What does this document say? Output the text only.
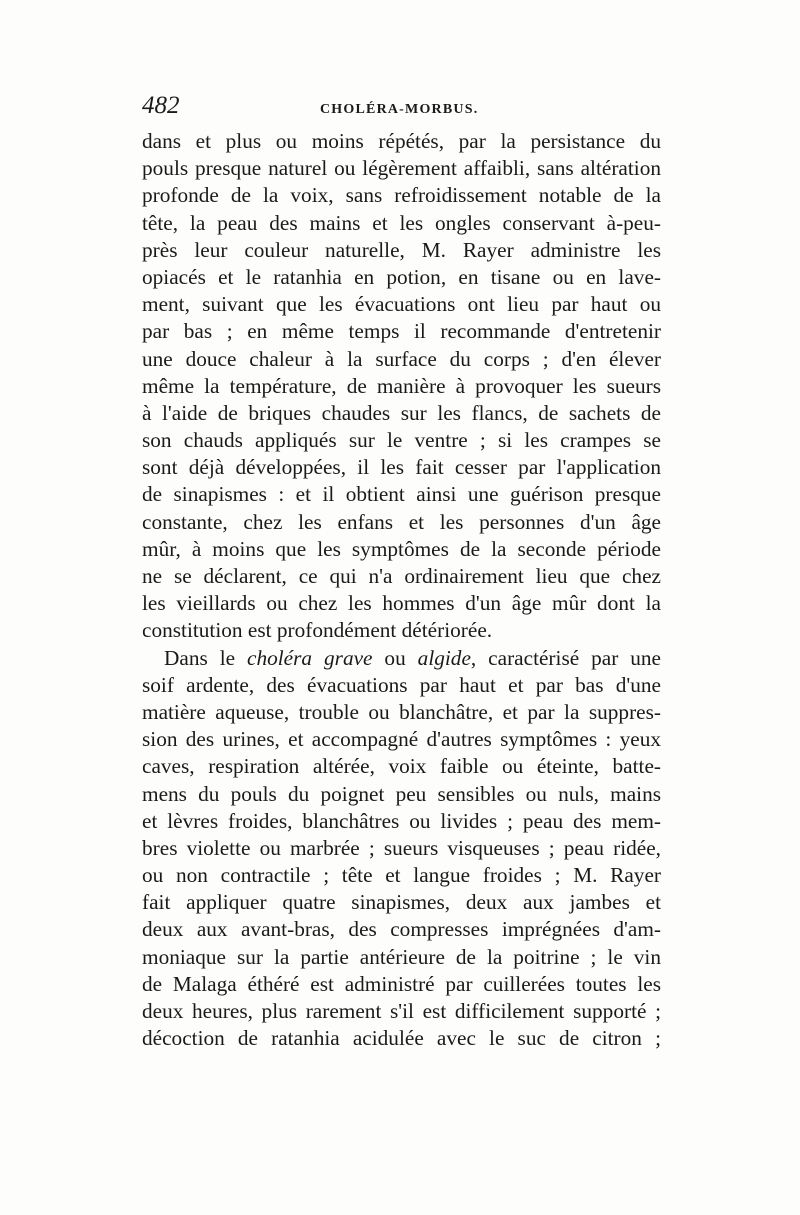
482	CHOLÉRA-MORBUS.
dans et plus ou moins répétés, par la persistance du
pouls presque naturel ou légèrement affaibli, sans altération
profonde de la voix, sans refroidissement notable de la
tête, la peau des mains et les ongles conservant à-peu-
près leur couleur naturelle, M. Rayer administre les
opiacés et le ratanhia en potion, en tisane ou en lave-
ment, suivant que les évacuations ont lieu par haut ou
par bas ; en même temps il recommande d'entretenir
une douce chaleur à la surface du corps ; d'en élever
même la température, de manière à provoquer les sueurs
à l'aide de briques chaudes sur les flancs, de sachets de
son chauds appliqués sur le ventre ; si les crampes se
sont déjà développées, il les fait cesser par l'application
de sinapismes : et il obtient ainsi une guérison presque
constante, chez les enfans et les personnes d'un âge
mûr, à moins que les symptômes de la seconde période
ne se déclarent, ce qui n'a ordinairement lieu que chez
les vieillards ou chez les hommes d'un âge mûr dont la
constitution est profondément détériorée.
Dans le choléra grave ou algide, caractérisé par une
soif ardente, des évacuations par haut et par bas d'une
matière aqueuse, trouble ou blanchâtre, et par la suppres-
sion des urines, et accompagné d'autres symptômes : yeux
caves, respiration altérée, voix faible ou éteinte, batte-
mens du pouls du poignet peu sensibles ou nuls, mains
et lèvres froides, blanchâtres ou livides ; peau des mem-
bres violette ou marbrée ; sueurs visqueuses ; peau ridée,
ou non contractile ; tête et langue froides ; M. Rayer
fait appliquer quatre sinapismes, deux aux jambes et
deux aux avant-bras, des compresses imprégnées d'am-
moniaque sur la partie antérieure de la poitrine ; le vin
de Malaga éthéré est administré par cuillerées toutes les
deux heures, plus rarement s'il est difficilement supporté ;
décoction de ratanhia acidulée avec le suc de citron ;
